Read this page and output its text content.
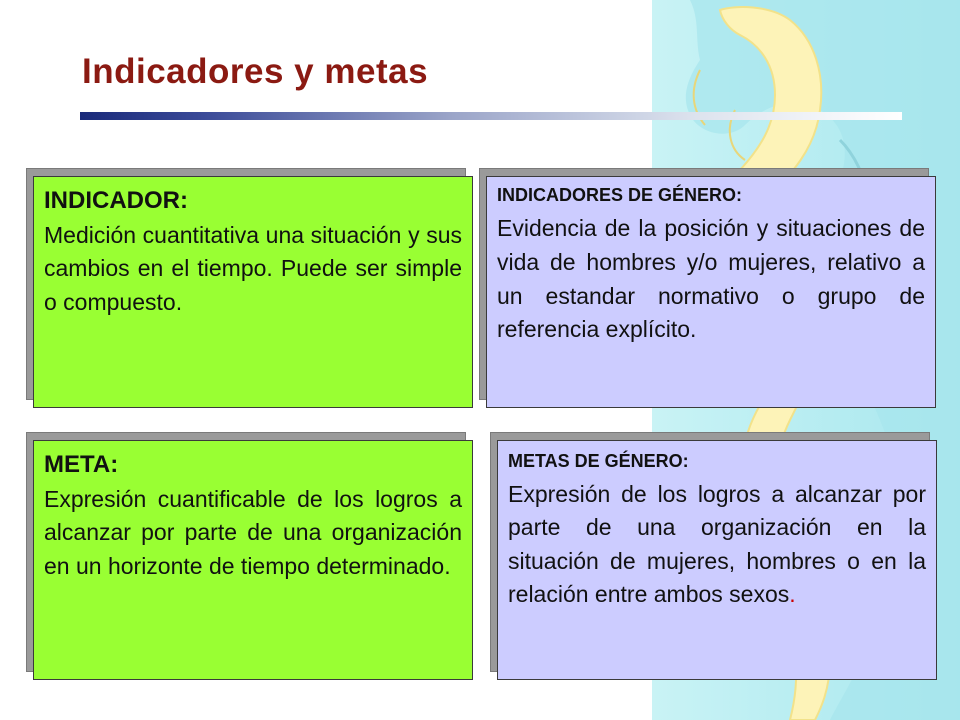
Indicadores y metas
INDICADOR:
Medición cuantitativa una situación y sus cambios en el tiempo. Puede ser simple o compuesto.
INDICADORES DE GÉNERO:
Evidencia de la posición y situaciones de vida de hombres y/o mujeres, relativo a un estandar normativo o grupo de referencia explícito.
META:
Expresión cuantificable de los logros a alcanzar por parte de una organización en un horizonte de tiempo determinado.
METAS DE GÉNERO:
Expresión de los logros a alcanzar por parte de una organización en la situación de mujeres, hombres o en la relación entre ambos sexos.
